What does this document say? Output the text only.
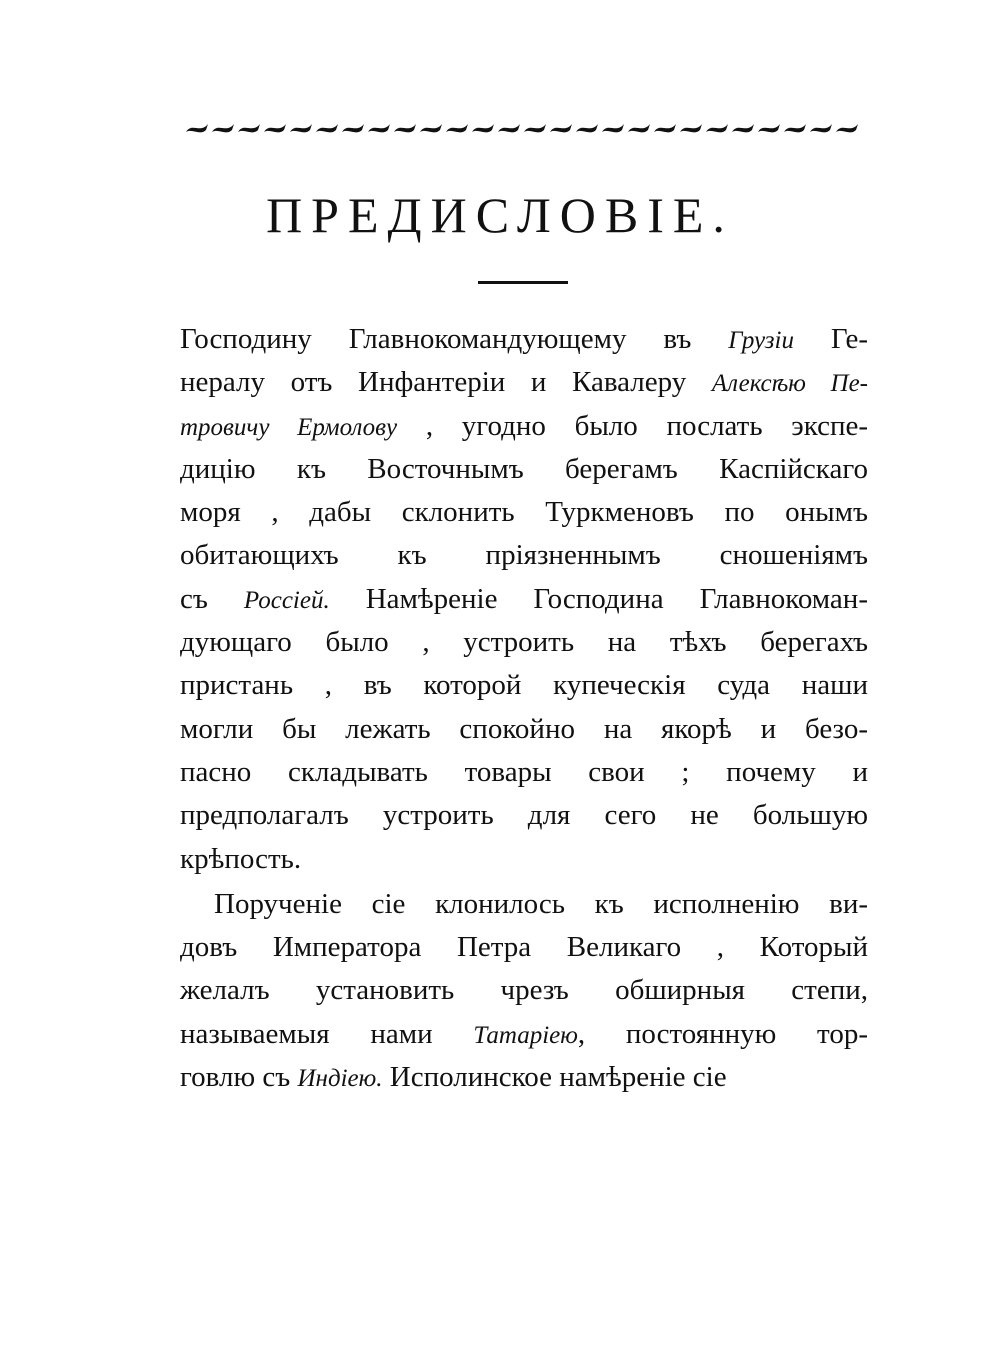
ПРЕДИСЛОВІЕ.
Господину Главнокомандующему въ Грузіи Ге-
нералу отъ Инфантеріи и Кавалеру Алексѣю Пе-
тровичу Ермолову , угодно было послать экспе-
дицію къ Восточнымъ берегамъ Каспійскаго
моря , дабы склонить Туркменовъ по онымъ
обитающихъ къ пріязненнымъ сношеніямъ
съ Россіей. Намѣреніе Господина Главнокоман-
дующаго было , устроить на тѣхъ берегахъ
пристань , въ которой купеческія суда наши
могли бы лежать спокойно на якорѣ и безо-
пасно складывать товары свои ; почему и
предполагалъ устроить для сего не большую
крѣпость.
Порученіе сіе клонилось къ исполненію ви-
довъ Императора Петра Великаго , Который
желалъ установить чрезъ обширныя степи,
называемыя нами Татаріею, постоянную тор-
говлю съ Индіею. Исполинское намѣреніе сіе
